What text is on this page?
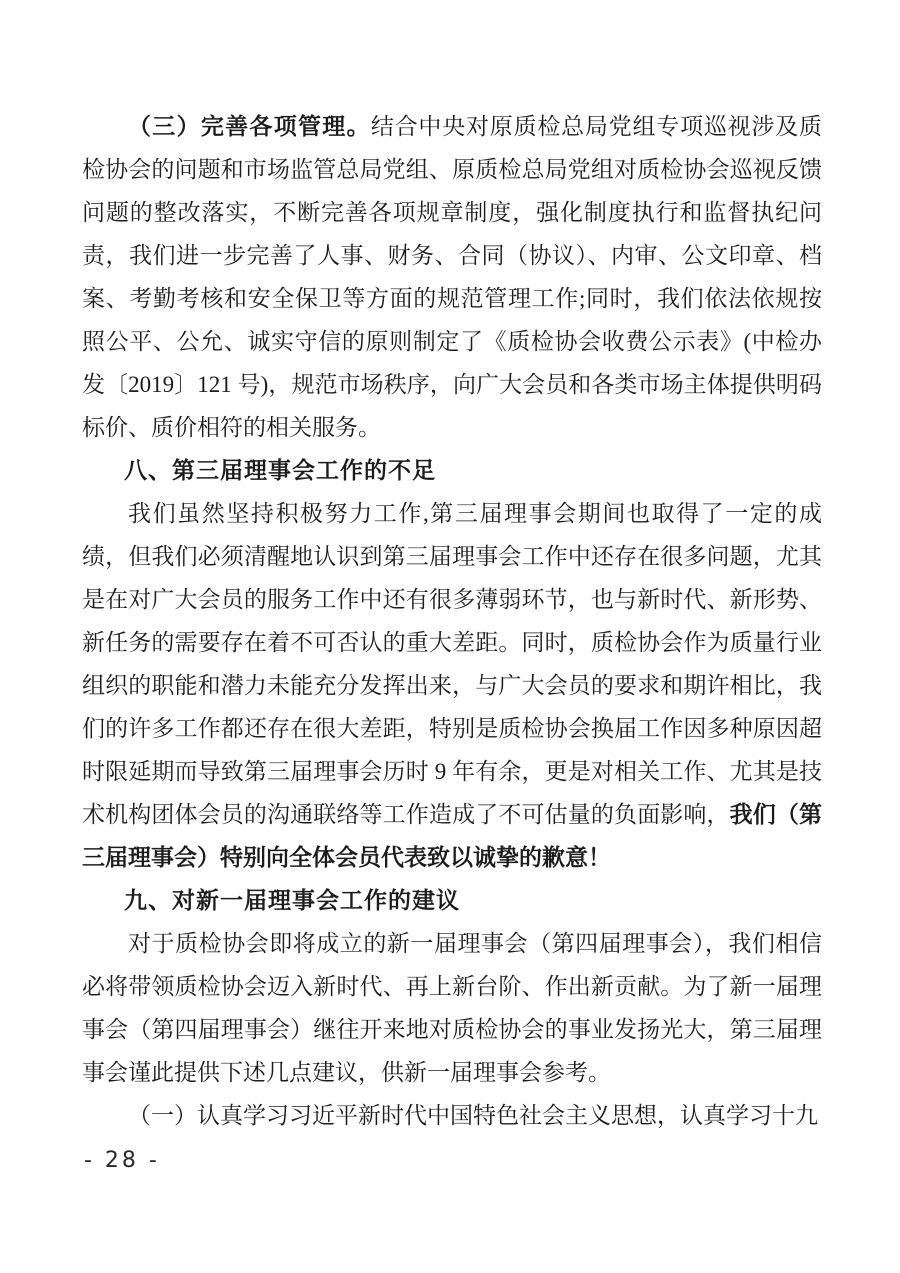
（三）完善各项管理。结合中央对原质检总局党组专项巡视涉及质检协会的问题和市场监管总局党组、原质检总局党组对质检协会巡视反馈问题的整改落实，不断完善各项规章制度，强化制度执行和监督执纪问责，我们进一步完善了人事、财务、合同（协议）、内审、公文印章、档案、考勤考核和安全保卫等方面的规范管理工作;同时，我们依法依规按照公平、公允、诚实守信的原则制定了《质检协会收费公示表》(中检办发〔2019〕121 号)，规范市场秩序，向广大会员和各类市场主体提供明码标价、质价相符的相关服务。

八、第三届理事会工作的不足

我们虽然坚持积极努力工作,第三届理事会期间也取得了一定的成绩，但我们必须清醒地认识到第三届理事会工作中还存在很多问题，尤其是在对广大会员的服务工作中还有很多薄弱环节，也与新时代、新形势、新任务的需要存在着不可否认的重大差距。同时，质检协会作为质量行业组织的职能和潜力未能充分发挥出来，与广大会员的要求和期许相比，我们的许多工作都还存在很大差距，特别是质检协会换届工作因多种原因超时限延期而导致第三届理事会历时 9 年有余，更是对相关工作、尤其是技术机构团体会员的沟通联络等工作造成了不可估量的负面影响，我们（第三届理事会）特别向全体会员代表致以诚挚的歉意！

九、对新一届理事会工作的建议

对于质检协会即将成立的新一届理事会（第四届理事会），我们相信必将带领质检协会迈入新时代、再上新台阶、作出新贡献。为了新一届理事会（第四届理事会）继往开来地对质检协会的事业发扬光大，第三届理事会谨此提供下述几点建议，供新一届理事会参考。

（一）认真学习习近平新时代中国特色社会主义思想，认真学习十九

- 28 -
